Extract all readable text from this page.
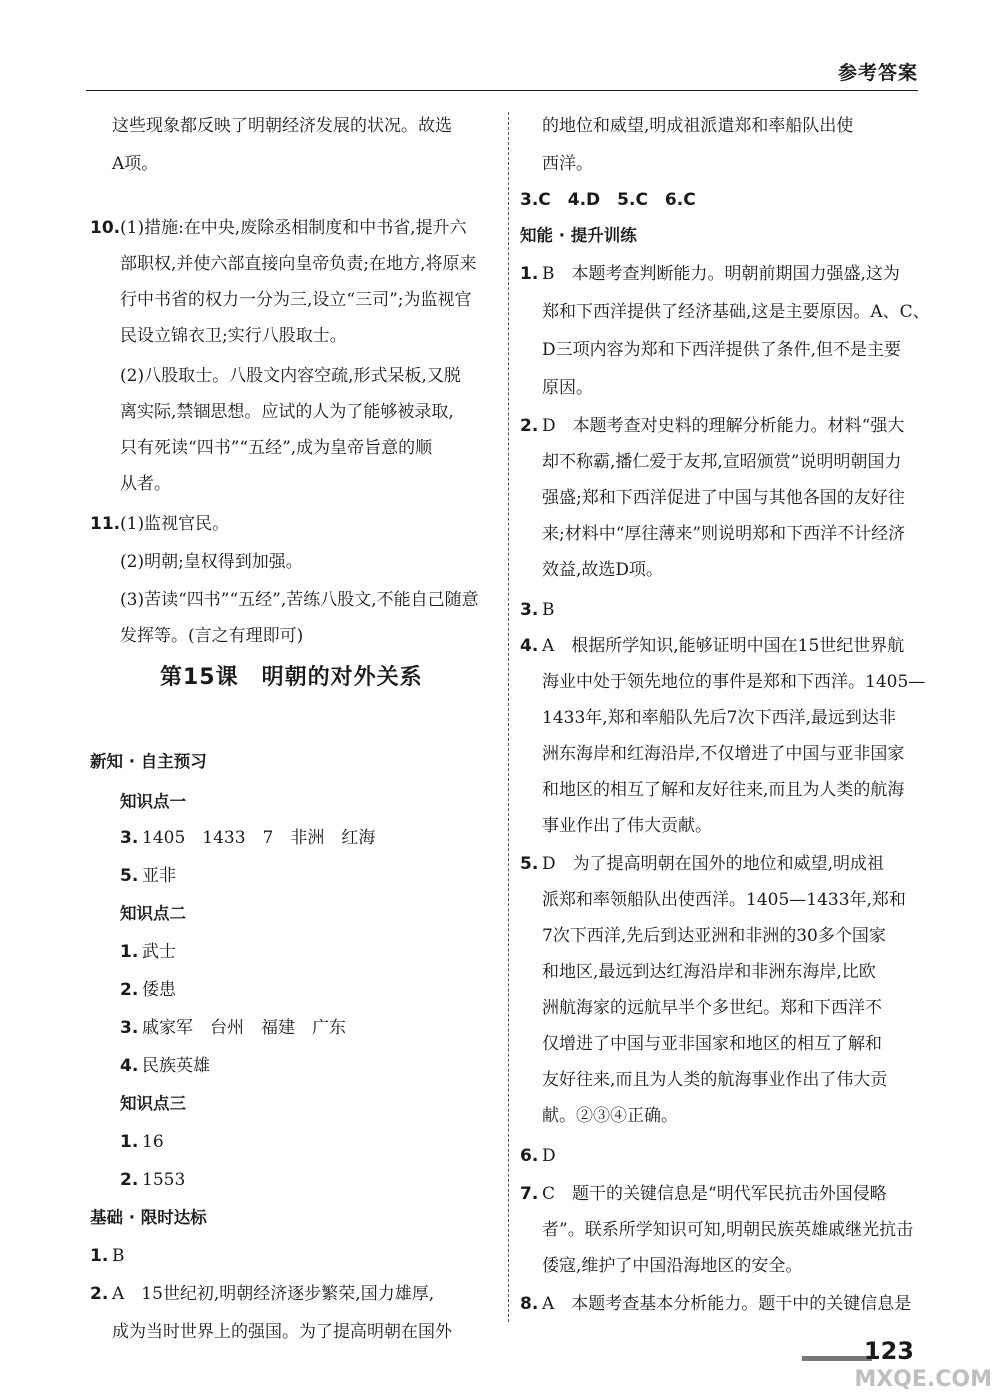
参考答案
这些现象都反映了明朝经济发展的状况。故选
A项。
10. (1)措施:在中央,废除丞相制度和中书省,提升六
部职权,并使六部直接向皇帝负责;在地方,将原来
行中书省的权力一分为三,设立“三司”;为监视官
民设立锦衣卫;实行八股取士。
(2)八股取士。八股文内容空疏,形式呆板,又脱
离实际,禁锢思想。应试的人为了能够被录取,
只有死读“四书”“五经”,成为皇帝旨意的顺
从者。
11. (1)监视官民。
(2)明朝;皇权得到加强。
(3)苦读“四书”“五经”,苦练八股文,不能自己随意
发挥等。(言之有理即可)
新知 · 自主预习
知识点一
3. 1405　1433　7　非洲　红海
5. 亚非
知识点二
1. 武士
2. 倭患
3. 戚家军　台州　福建　广东
4. 民族英雄
知识点三
1. 16
2. 1553
基础 · 限时达标
1. B
2. A　15世纪初,明朝经济逐步繁荣,国力雄厚,
成为当时世界上的强国。为了提高明朝在国外
第15课　明朝的对外关系
的地位和威望,明成祖派遣郑和率船队出使
西洋。
3.C　4.D　5.C　6.C
知能 · 提升训练
1. B　本题考查判断能力。明朝前期国力强盛,这为
郑和下西洋提供了经济基础,这是主要原因。A、C、
D三项内容为郑和下西洋提供了条件,但不是主要
原因。
2. D　本题考查对史料的理解分析能力。材料“强大
却不称霸,播仁爱于友邦,宣昭颁赏”说明明朝国力
强盛;郑和下西洋促进了中国与其他各国的友好往
来;材料中“厚往薄来”则说明郑和下西洋不计经济
效益,故选D项。
3. B
4. A　根据所学知识,能够证明中国在15世纪世界航
海业中处于领先地位的事件是郑和下西洋。1405—
1433年,郑和率船队先后7次下西洋,最远到达非
洲东海岸和红海沿岸,不仅增进了中国与亚非国家
和地区的相互了解和友好往来,而且为人类的航海
事业作出了伟大贡献。
5. D　为了提高明朝在国外的地位和威望,明成祖
派郑和率领船队出使西洋。1405—1433年,郑和
7次下西洋,先后到达亚洲和非洲的30多个国家
和地区,最远到达红海沿岸和非洲东海岸,比欧
洲航海家的远航早半个多世纪。郑和下西洋不
仅增进了中国与亚非国家和地区的相互了解和
友好往来,而且为人类的航海事业作出了伟大贡
献。②③④正确。
6. D
7. C　题干的关键信息是“明代军民抗击外国侵略
者”。联系所学知识可知,明朝民族英雄戚继光抗击
倭寇,维护了中国沿海地区的安全。
8. A　本题考查基本分析能力。题干中的关键信息是
123
MXQE.COM
